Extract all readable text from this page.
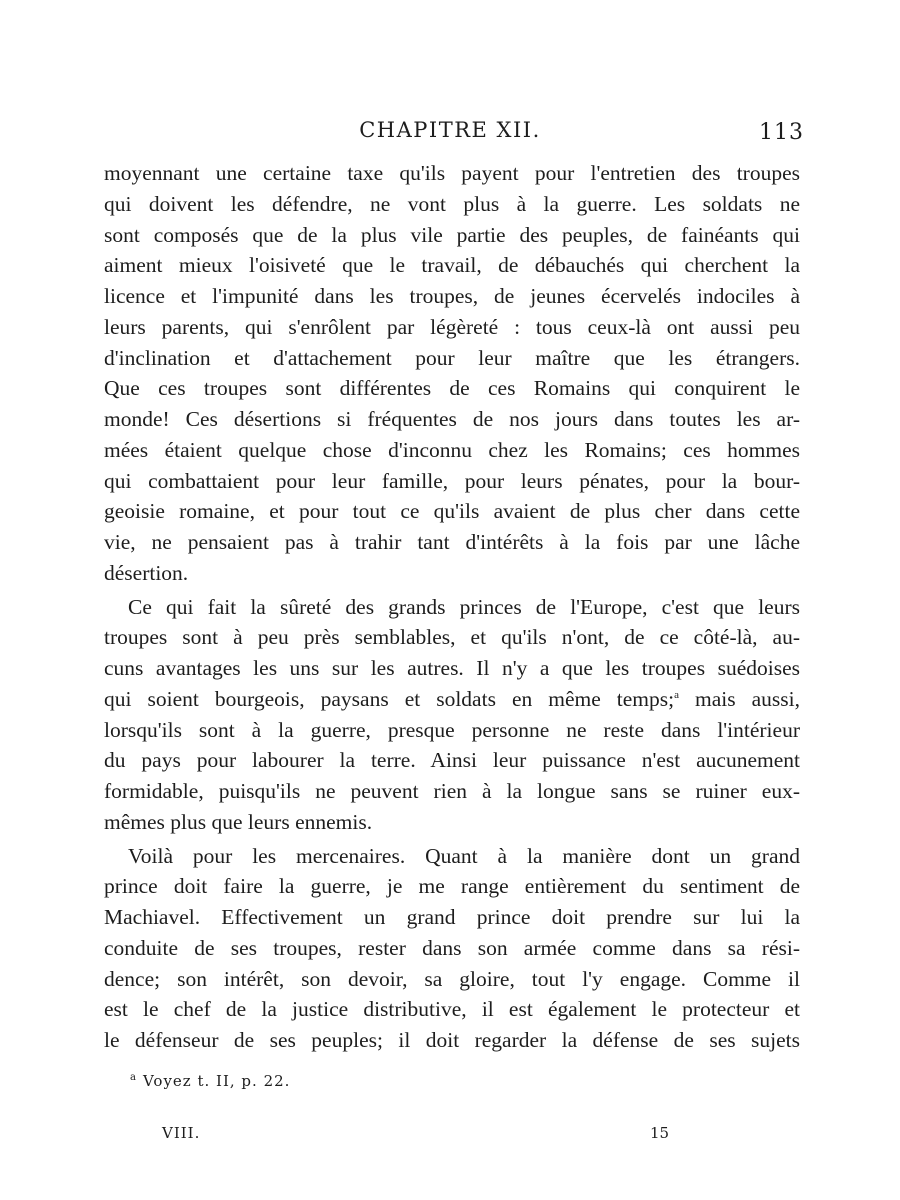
CHAPITRE XII.	113
moyennant une certaine taxe qu'ils payent pour l'entretien des troupes
qui doivent les défendre, ne vont plus à la guerre. Les soldats ne
sont composés que de la plus vile partie des peuples, de fainéants qui
aiment mieux l'oisiveté que le travail, de débauchés qui cherchent la
licence et l'impunité dans les troupes, de jeunes écervelés indociles à
leurs parents, qui s'enrôlent par légèreté : tous ceux-là ont aussi peu
d'inclination et d'attachement pour leur maître que les étrangers.
Que ces troupes sont différentes de ces Romains qui conquirent le
monde! Ces désertions si fréquentes de nos jours dans toutes les ar-
mées étaient quelque chose d'inconnu chez les Romains; ces hommes
qui combattaient pour leur famille, pour leurs pénates, pour la bour-
geoisie romaine, et pour tout ce qu'ils avaient de plus cher dans cette
vie, ne pensaient pas à trahir tant d'intérêts à la fois par une lâche
désertion.
Ce qui fait la sûreté des grands princes de l'Europe, c'est que leurs
troupes sont à peu près semblables, et qu'ils n'ont, de ce côté-là, au-
cuns avantages les uns sur les autres. Il n'y a que les troupes suédoises
qui soient bourgeois, paysans et soldats en même temps;$^a$ mais aussi,
lorsqu'ils sont à la guerre, presque personne ne reste dans l'intérieur
du pays pour labourer la terre. Ainsi leur puissance n'est aucunement
formidable, puisqu'ils ne peuvent rien à la longue sans se ruiner eux-
mêmes plus que leurs ennemis.
Voilà pour les mercenaires. Quant à la manière dont un grand
prince doit faire la guerre, je me range entièrement du sentiment de
Machiavel. Effectivement un grand prince doit prendre sur lui la
conduite de ses troupes, rester dans son armée comme dans sa rési-
dence; son intérêt, son devoir, sa gloire, tout l'y engage. Comme il
est le chef de la justice distributive, il est également le protecteur et
le défenseur de ses peuples; il doit regarder la défense de ses sujets
$^a$ Voyez t. II, p. 22.
VIII.	15
